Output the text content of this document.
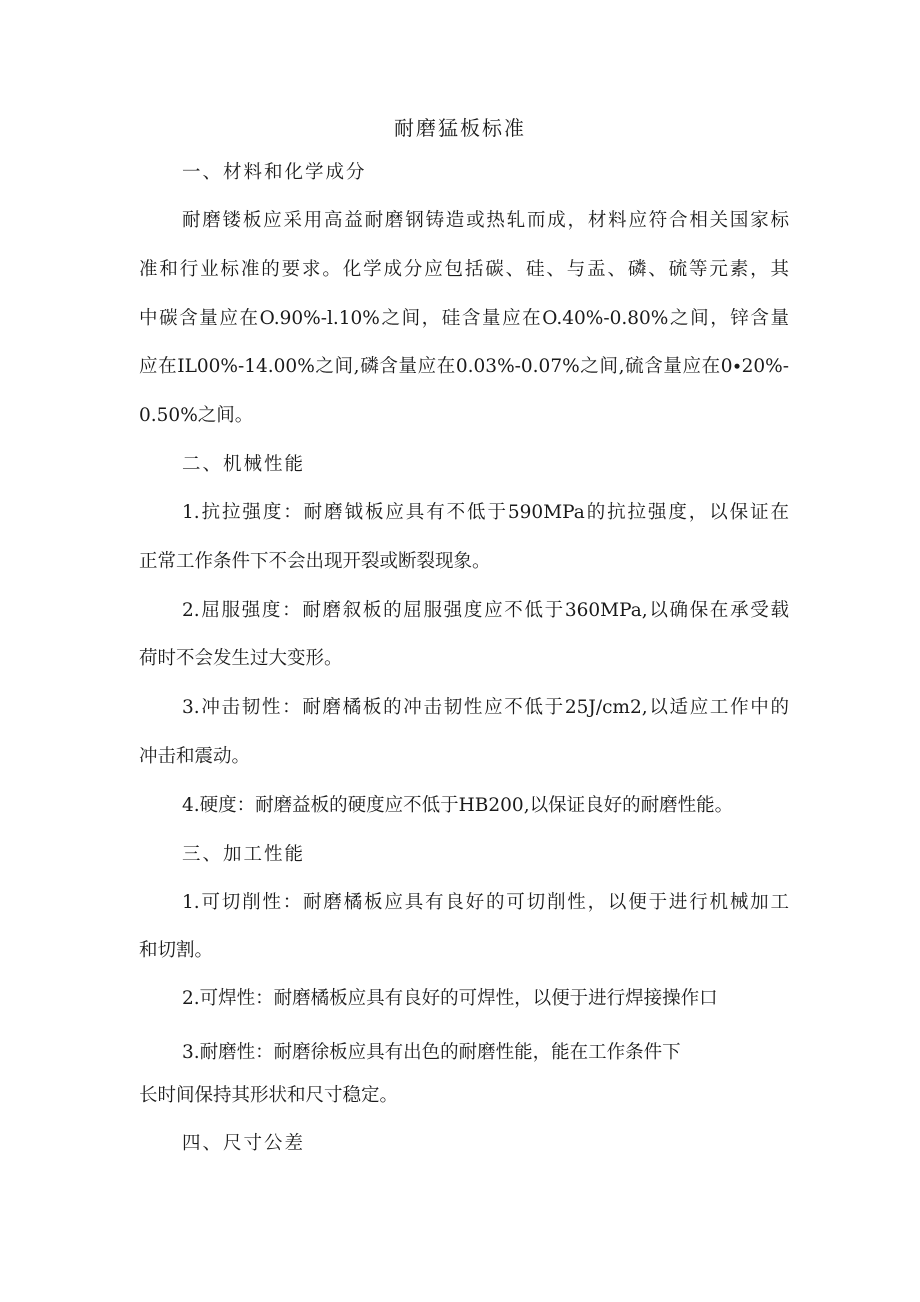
耐磨猛板标准
一、材料和化学成分
耐磨镂板应采用高益耐磨钢铸造或热轧而成，材料应符合相关国家标
准和行业标准的要求。化学成分应包括碳、硅、与盂、磷、硫等元素，其
中碳含量应在O.90%-l.10%之间，硅含量应在O.40%-0.80%之间，锌含量
应在IL00%-14.00%之间,磷含量应在0.03%-0.07%之间,硫含量应在0∙20%-
0.50%之间。
二、机械性能
1.抗拉强度：耐磨钺板应具有不低于590MPa的抗拉强度，以保证在
正常工作条件下不会出现开裂或断裂现象。
2.屈服强度：耐磨叙板的屈服强度应不低于360MPa,以确保在承受载
荷时不会发生过大变形。
3.冲击韧性：耐磨橘板的冲击韧性应不低于25J/cm2,以适应工作中的
冲击和震动。
4.硬度：耐磨益板的硬度应不低于HB200,以保证良好的耐磨性能。
三、加工性能
1.可切削性：耐磨橘板应具有良好的可切削性，以便于进行机械加工
和切割。
2.可焊性：耐磨橘板应具有良好的可焊性，以便于进行焊接操作口
3.耐磨性：耐磨徐板应具有出色的耐磨性能，能在工作条件下
长时间保持其形状和尺寸稳定。
四、尺寸公差
